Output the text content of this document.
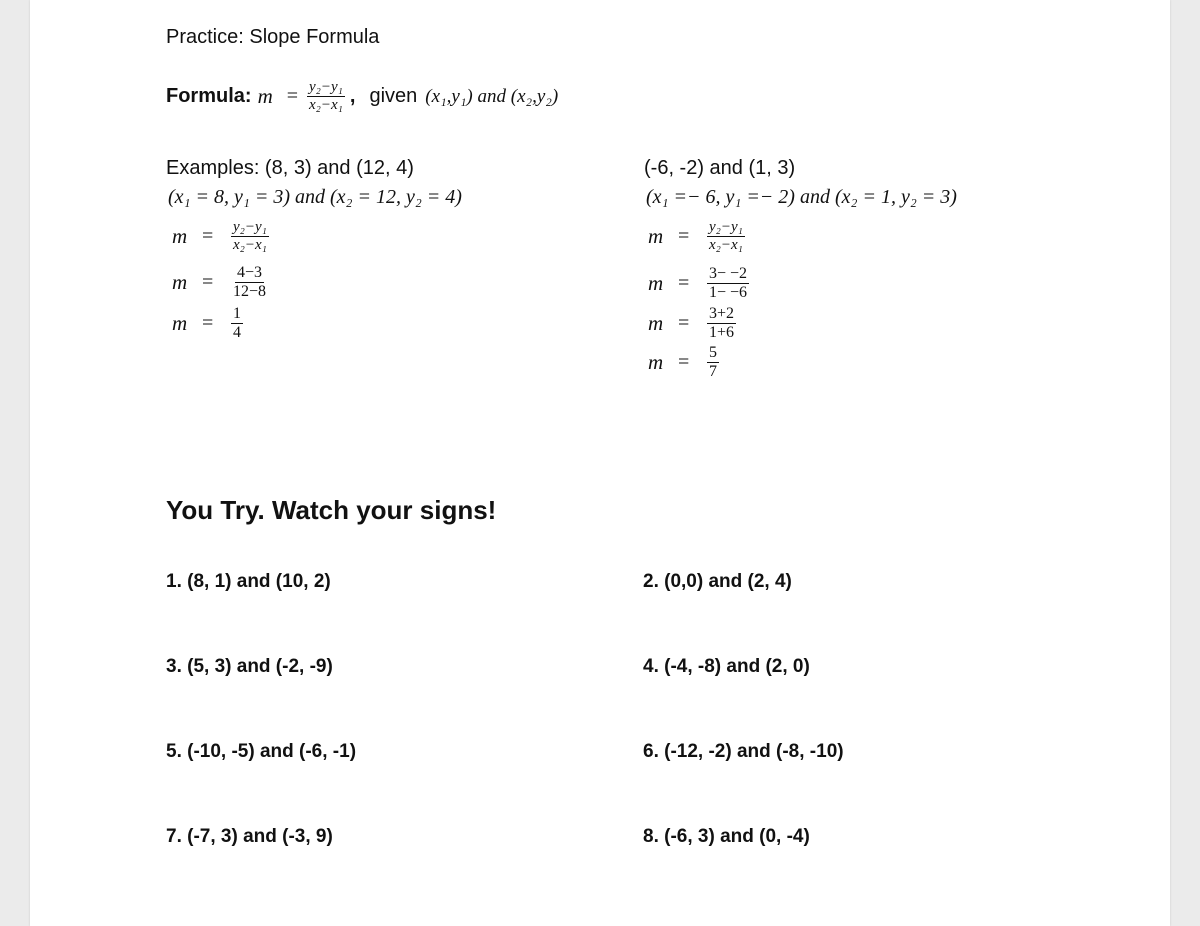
Practice: Slope Formula
Formula: $m = \frac{\text{y₂−y₁}}{\text{x₂−x₁}}$ , given (x₁,y₁) and (x₂,y₂)
Examples: (8, 3) and (12, 4)
(x₁ = 8, y₁ = 3) and (x₂ = 12, y₂ = 4)
m =	$\frac{\text{y₂−y₁}}{\text{x₂−x₁}}$
m =	$\frac{4-3}{12-8}$
m =	$\frac{1}{4}$
(-6, -2) and (1, 3)
(x₁ =− 6, y₁ =− 2) and (x₂ = 1, y₂ = 3)
m =	$\frac{\text{y₂−y₁}}{\text{x₂−x₁}}$
m =	$\frac{3- -2}{1- -6}$
m =	$\frac{3+2}{1+6}$
m =	$\frac{5}{7}$
You Try. Watch your signs!
1. (8, 1) and (10, 2)	2. (0,0) and (2, 4)
3. (5, 3) and (-2, -9)	4. (-4, -8) and (2, 0)
5. (-10, -5) and (-6, -1)	6. (-12, -2) and (-8, -10)
7. (-7, 3) and (-3, 9)	8. (-6, 3) and (0, -4)
